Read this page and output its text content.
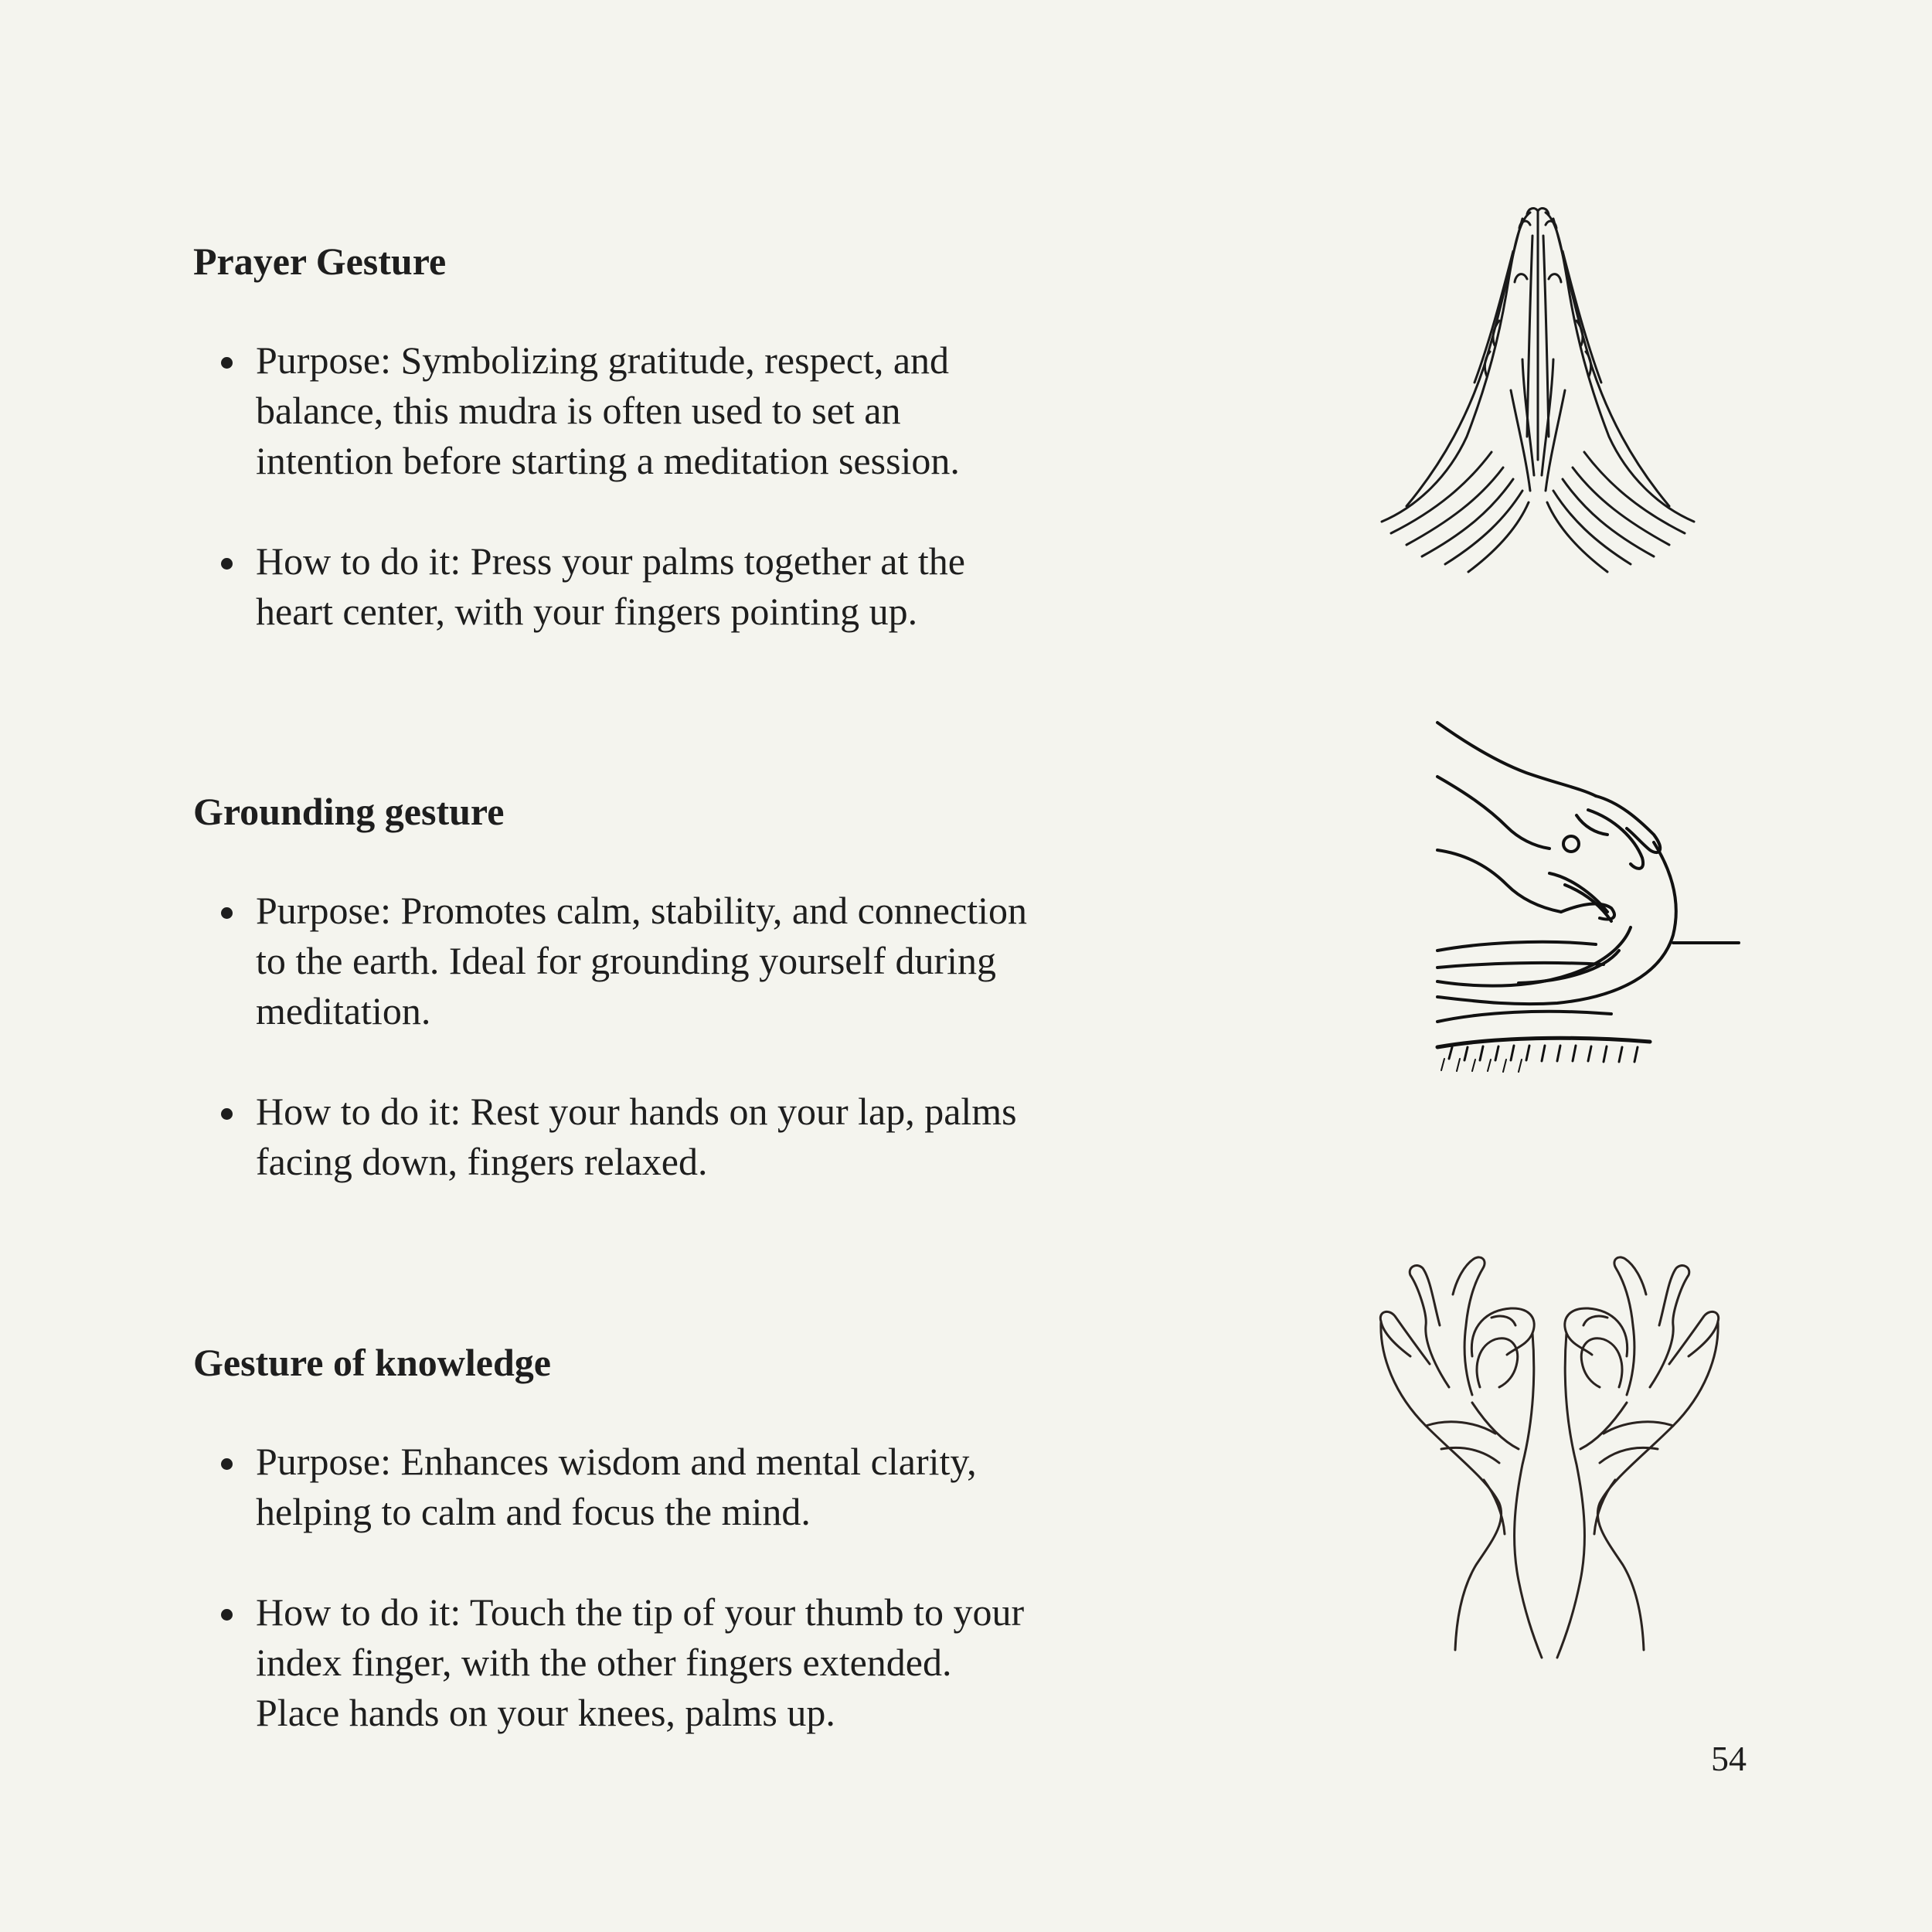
Prayer Gesture
Purpose: Symbolizing gratitude, respect, and balance, this mudra is often used to set an intention before starting a meditation session.
How to do it: Press your palms together at the heart center, with your fingers pointing up.
Grounding gesture
Purpose: Promotes calm, stability, and connection to the earth. Ideal for grounding yourself during meditation.
How to do it: Rest your hands on your lap, palms facing down, fingers relaxed.
Gesture of knowledge
Purpose: Enhances wisdom and mental clarity, helping to calm and focus the mind.
How to do it: Touch the tip of your thumb to your index finger, with the other fingers extended. Place hands on your knees, palms up.
54
